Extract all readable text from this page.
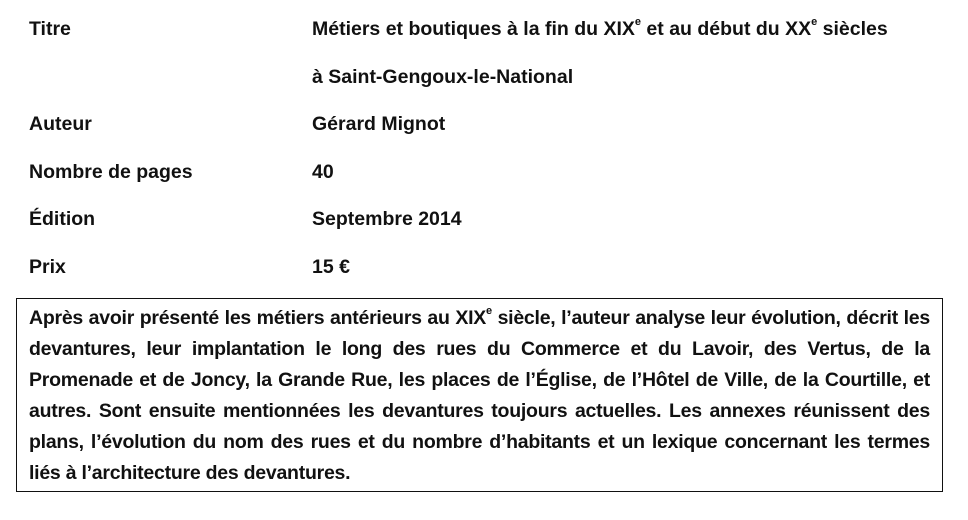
Titre	Métiers et boutiques à la fin du XIXe et au début du XXe siècles
à Saint-Gengoux-le-National
Auteur	Gérard Mignot
Nombre de pages	40
Édition	Septembre 2014
Prix	15 €

Après avoir présenté les métiers antérieurs au XIXe siècle, l’auteur analyse leur évolution, décrit les devantures, leur implantation le long des rues du Commerce et du Lavoir, des Vertus, de la Promenade et de Joncy, la Grande Rue, les places de l’Église, de l’Hôtel de Ville, de la Courtille, et autres. Sont ensuite mentionnées les devantures toujours actuelles. Les annexes réunissent des plans, l’évolution du nom des rues et du nombre d’habitants et un lexique concernant les termes liés à l’architecture des devantures.
